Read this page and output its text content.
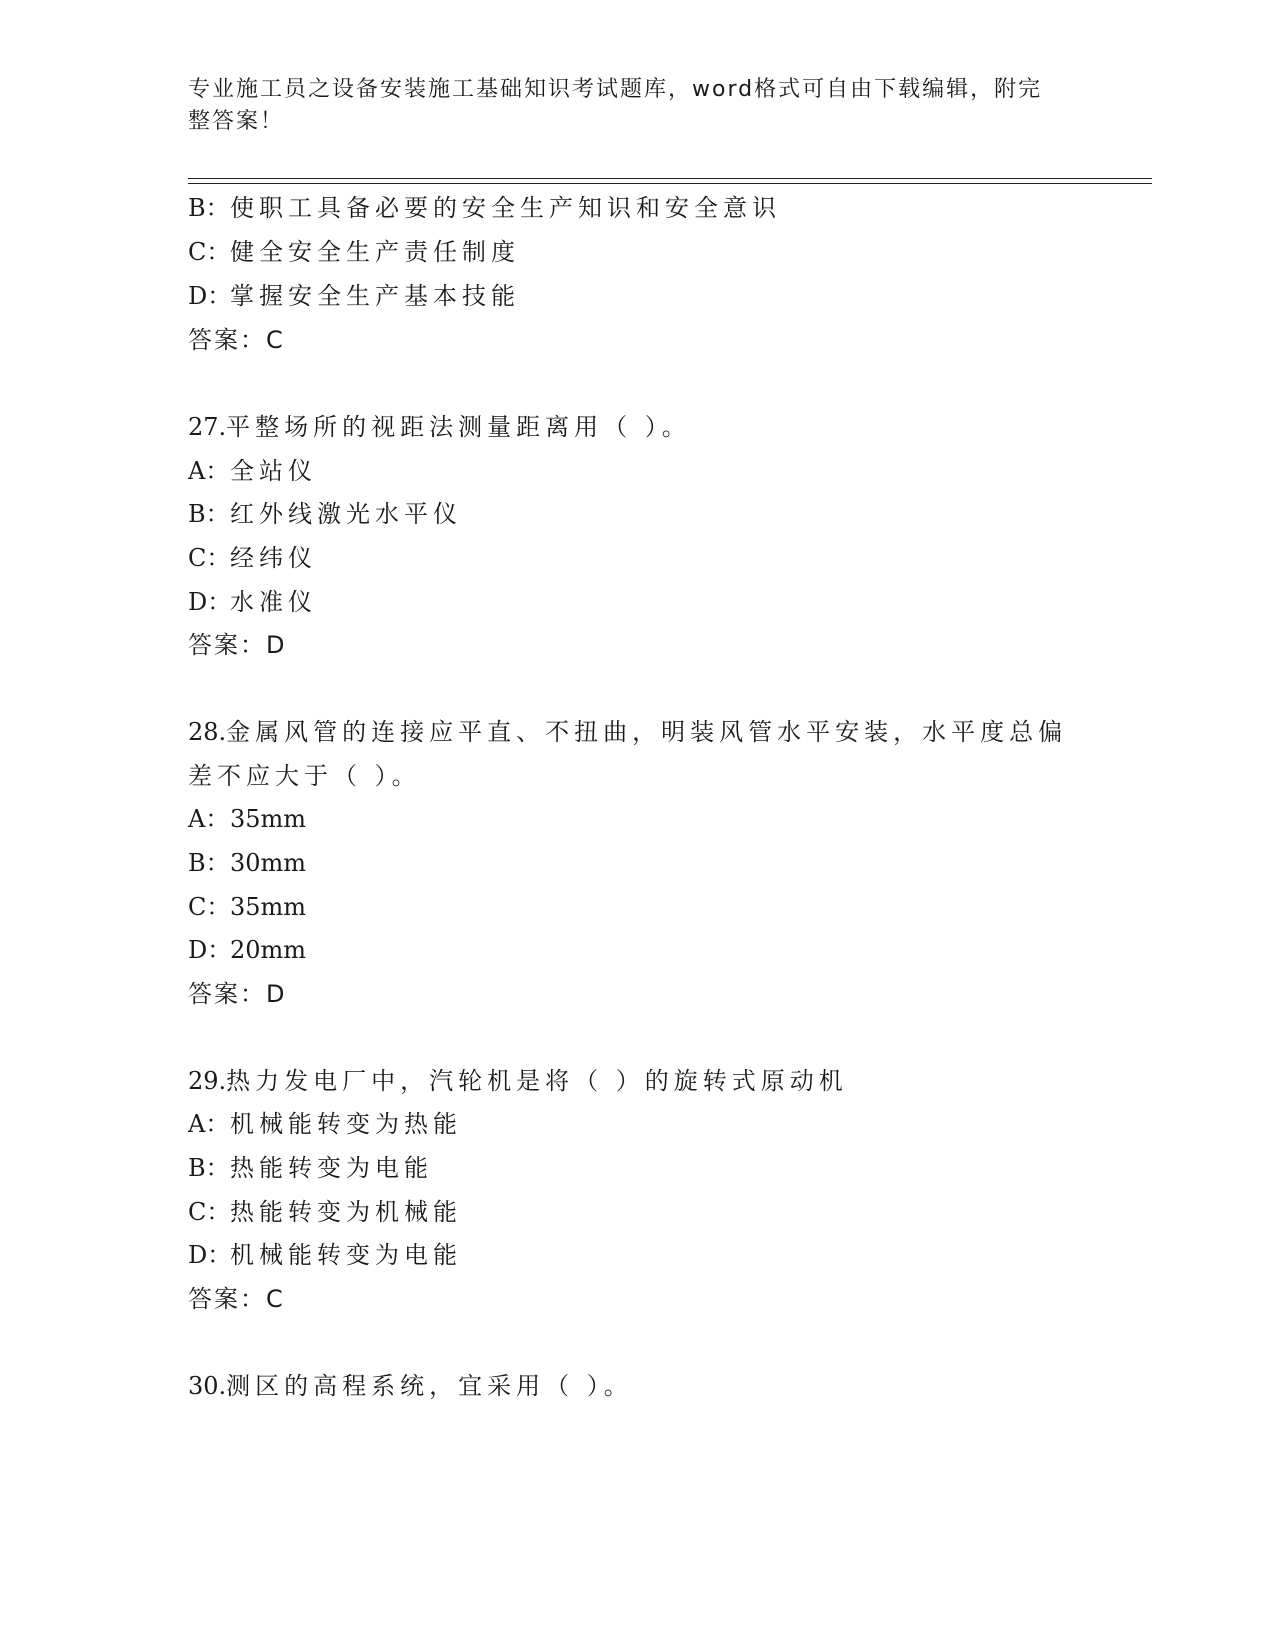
专业施工员之设备安装施工基础知识考试题库，word格式可自由下载编辑，附完
整答案！
B：使职工具备必要的安全生产知识和安全意识
C：健全安全生产责任制度
D：掌握安全生产基本技能
答案：C
27.平整场所的视距法测量距离用（ ）。
A：全站仪
B：红外线激光水平仪
C：经纬仪
D：水准仪
答案：D
28.金属风管的连接应平直、不扭曲，明装风管水平安装，水平度总偏
差不应大于（ ）。
A：35mm
B：30mm
C：35mm
D：20mm
答案：D
29.热力发电厂中，汽轮机是将（ ）的旋转式原动机
A：机械能转变为热能
B：热能转变为电能
C：热能转变为机械能
D：机械能转变为电能
答案：C
30.测区的高程系统，宜采用（ ）。
